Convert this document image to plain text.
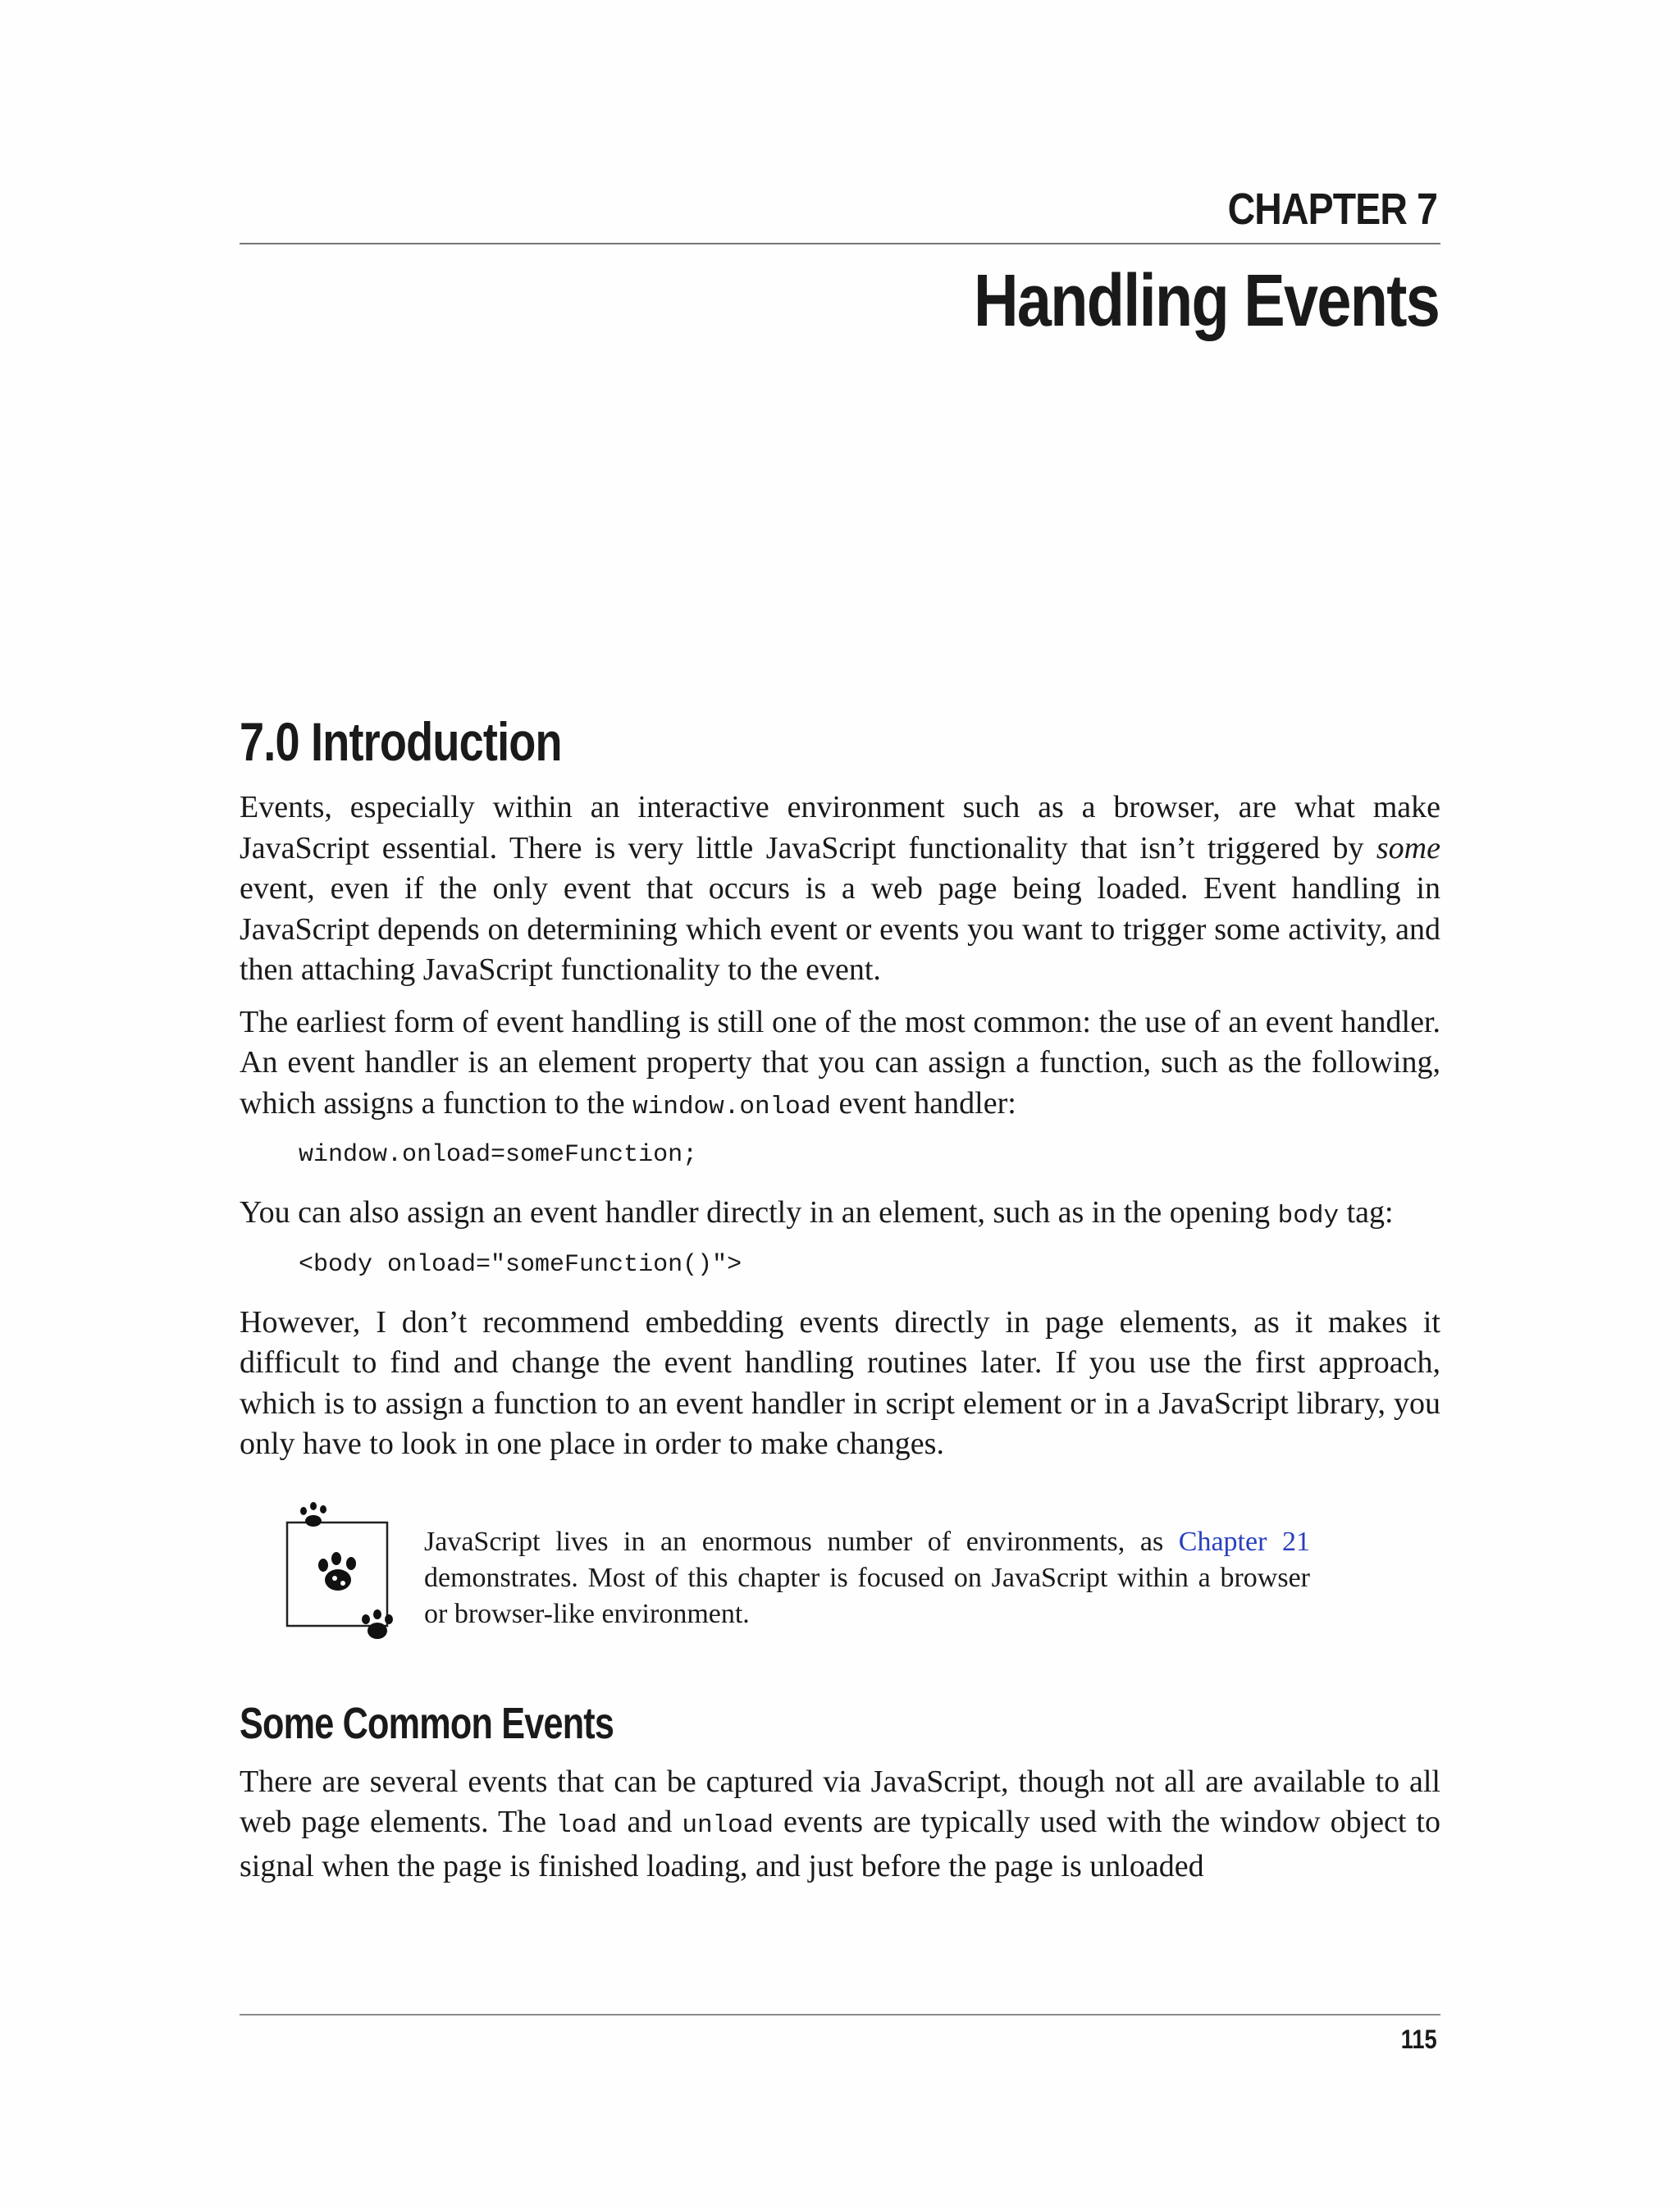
CHAPTER 7
Handling Events
7.0 Introduction

Events, especially within an interactive environment such as a browser, are what make JavaScript essential. There is very little JavaScript functionality that isn’t triggered by some event, even if the only event that occurs is a web page being loaded. Event handling in JavaScript depends on determining which event or events you want to trigger some activity, and then attaching JavaScript functionality to the event.

The earliest form of event handling is still one of the most common: the use of an event handler. An event handler is an element property that you can assign a function, such as the following, which assigns a function to the window.onload event handler:

window.onload=someFunction;

You can also assign an event handler directly in an element, such as in the opening body tag:

<body onload="someFunction()">

However, I don’t recommend embedding events directly in page elements, as it makes it difficult to find and change the event handling routines later. If you use the first approach, which is to assign a function to an event handler in script element or in a JavaScript library, you only have to look in one place in order to make changes.

JavaScript lives in an enormous number of environments, as Chapter 21 demonstrates. Most of this chapter is focused on JavaScript within a browser or browser-like environment.
Some Common Events

There are several events that can be captured via JavaScript, though not all are available to all web page elements. The load and unload events are typically used with the window object to signal when the page is finished loading, and just before the page is unloaded

115
